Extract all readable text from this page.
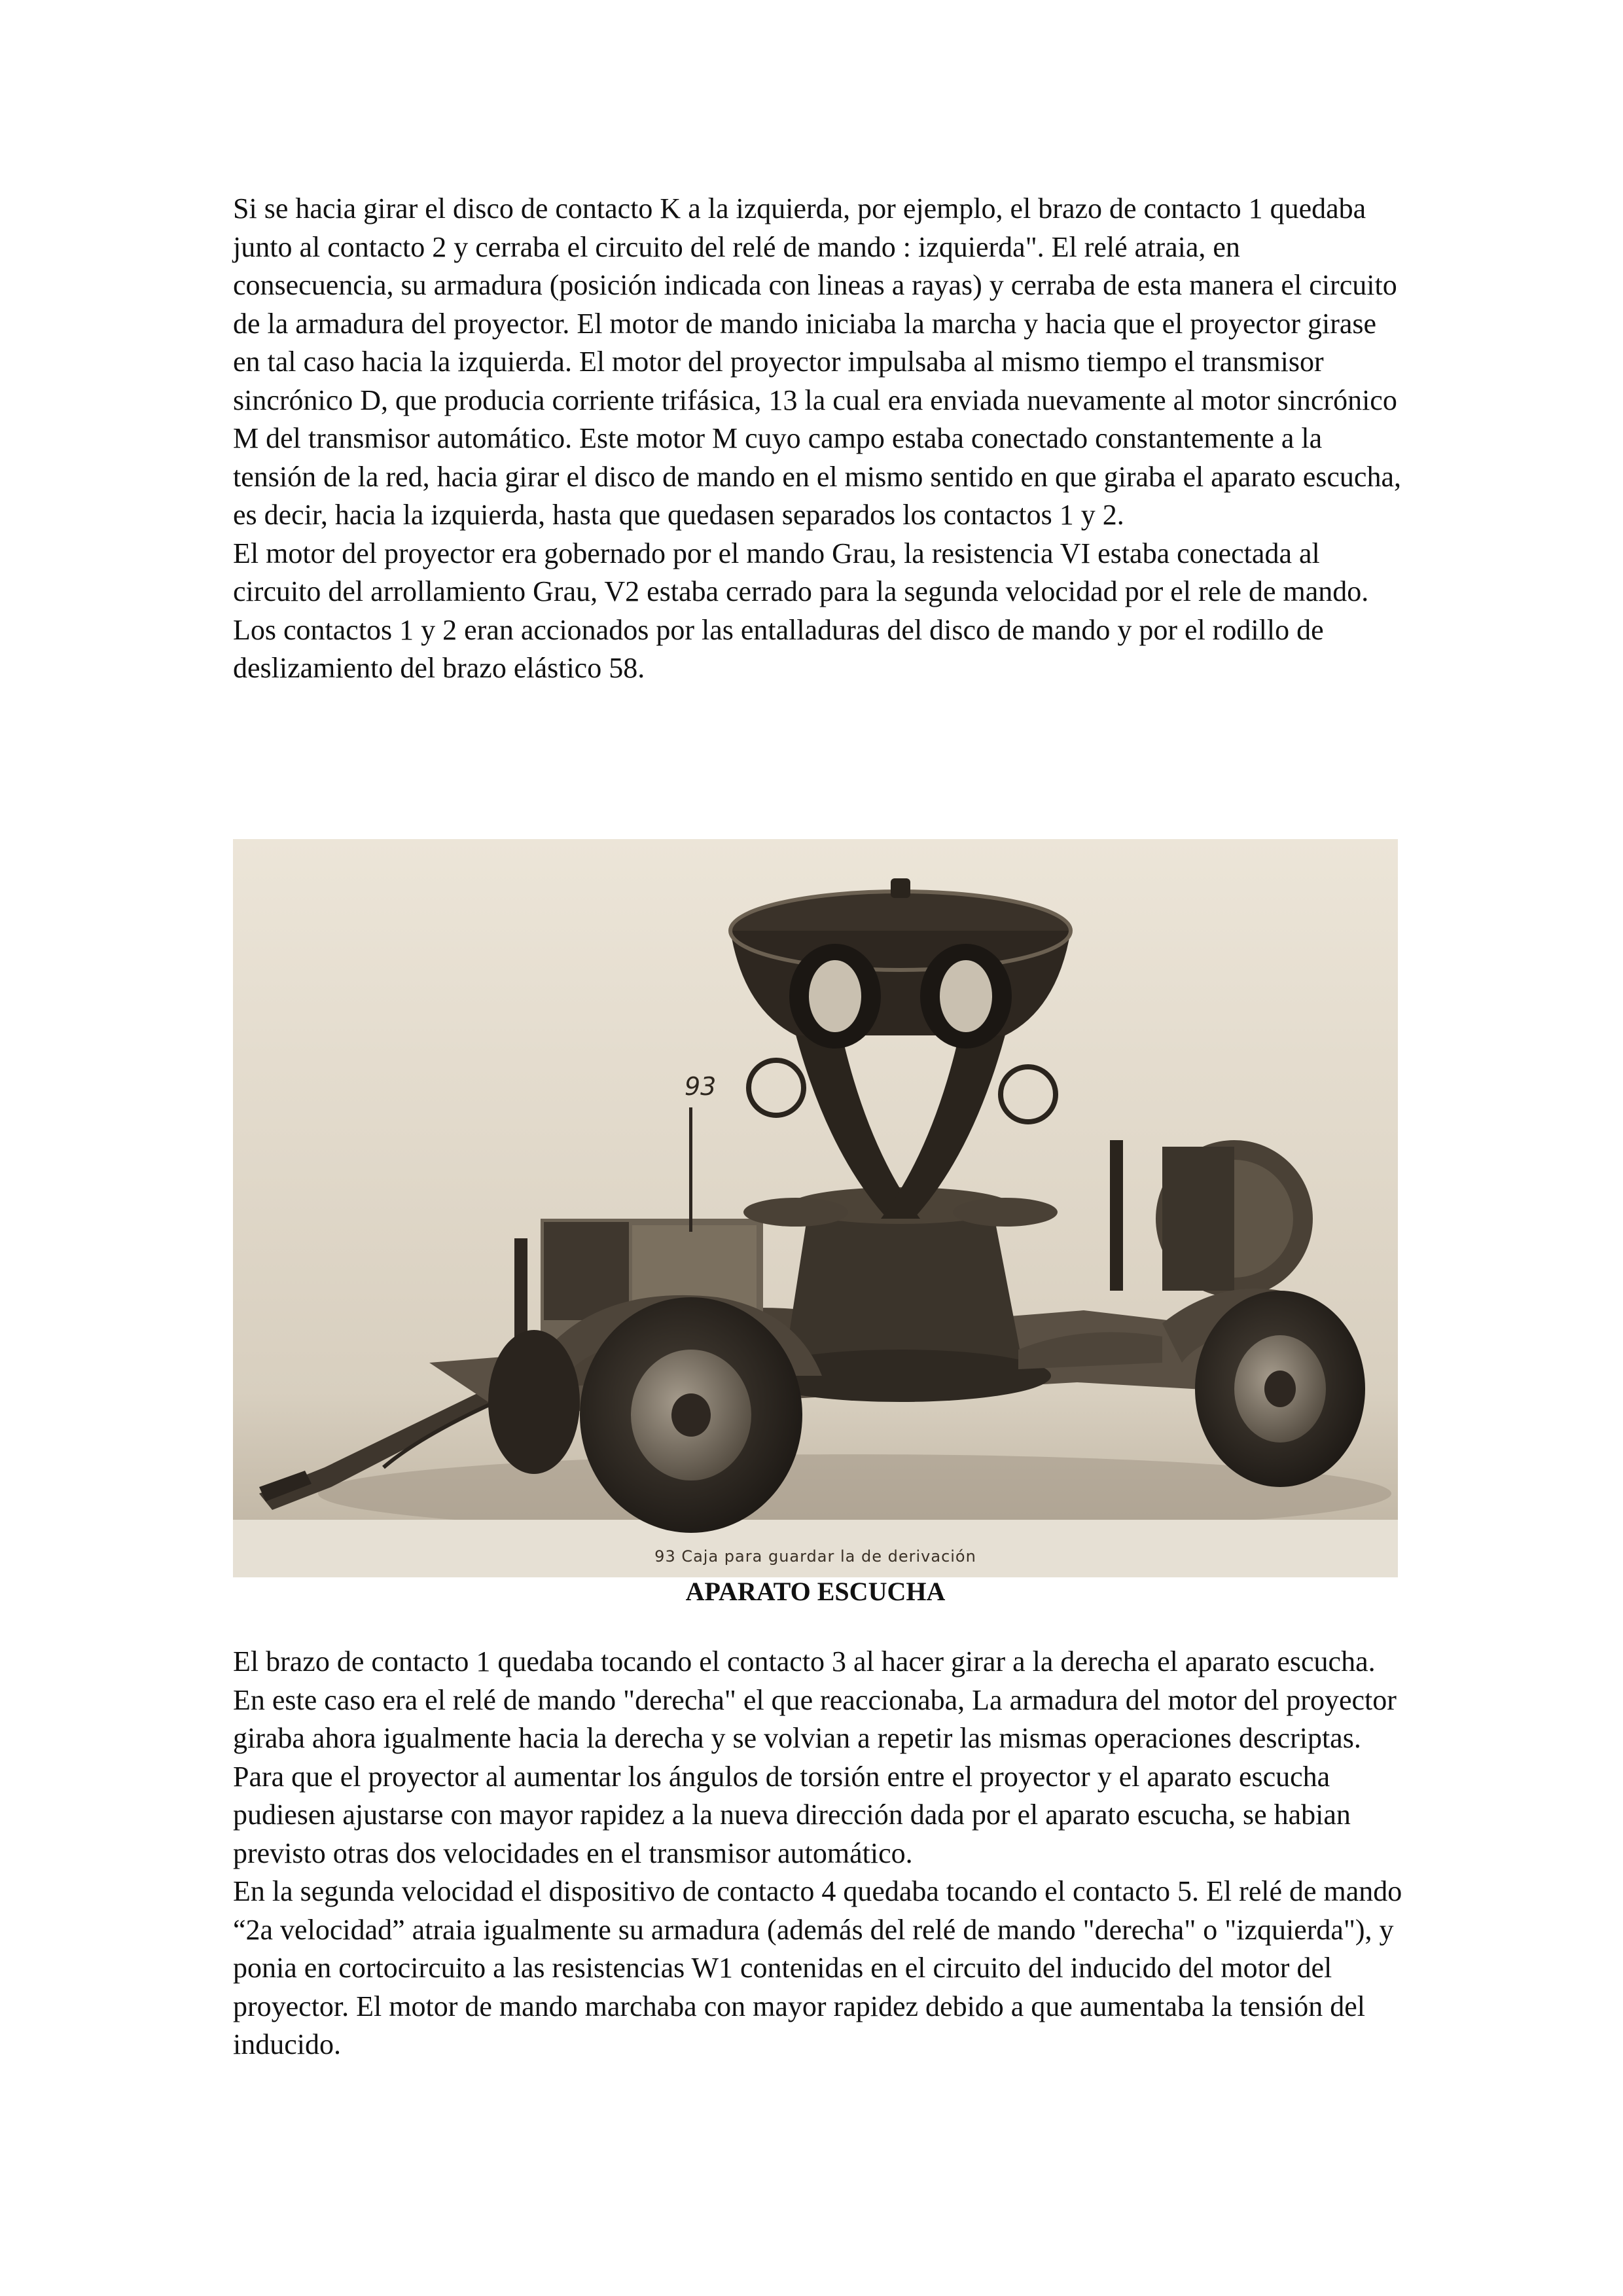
Si se hacia girar el disco de contacto K a la izquierda, por ejemplo, el brazo de contacto 1 quedaba junto al contacto 2 y cerraba el circuito del relé de mando : izquierda". El relé atraia, en consecuencia, su armadura (posición indicada con lineas a rayas) y cerraba de esta manera el circuito de la armadura del proyector. El motor de mando iniciaba la marcha y hacia que el proyector girase en tal caso hacia la izquierda. El motor del proyector impulsaba al mismo tiempo el transmisor sincrónico D, que producia corriente trifásica, 13 la cual era enviada nuevamente al motor sincrónico M del transmisor automático. Este motor M cuyo campo estaba conectado constantemente a la tensión de la red, hacia girar el disco de mando en el mismo sentido en que giraba el aparato escucha, es decir, hacia la izquierda, hasta que quedasen separados los contactos 1 y 2.

El motor del proyector era gobernado por el mando Grau, la resistencia VI estaba conectada al circuito del arrollamiento Grau, V2 estaba cerrado para la segunda velocidad por el rele de mando.

Los contactos 1 y 2 eran accionados por las entalladuras del disco de mando y por el rodillo de deslizamiento del brazo elástico 58.

93
93 Caja para guardar la de derivación
APARATO ESCUCHA

El brazo de contacto 1 quedaba tocando el contacto 3 al hacer girar a la derecha el aparato escucha. En este caso era el relé de mando "derecha" el que reaccionaba, La armadura del motor del proyector giraba ahora igualmente hacia la derecha y se volvian a repetir las mismas operaciones descriptas.

Para que el proyector al aumentar los ángulos de torsión entre el proyector y el aparato escucha pudiesen ajustarse con mayor rapidez a la nueva dirección dada por el aparato escucha, se habian previsto otras dos velocidades en el transmisor automático.

En la segunda velocidad el dispositivo de contacto 4 quedaba tocando el contacto 5. El relé de mando “2a velocidad” atraia igualmente su armadura (además del relé de mando "derecha" o "izquierda"), y ponia en cortocircuito a las resistencias W1 contenidas en el circuito del inducido del motor del proyector. El motor de mando marchaba con mayor rapidez debido a que aumentaba la tensión del inducido.
